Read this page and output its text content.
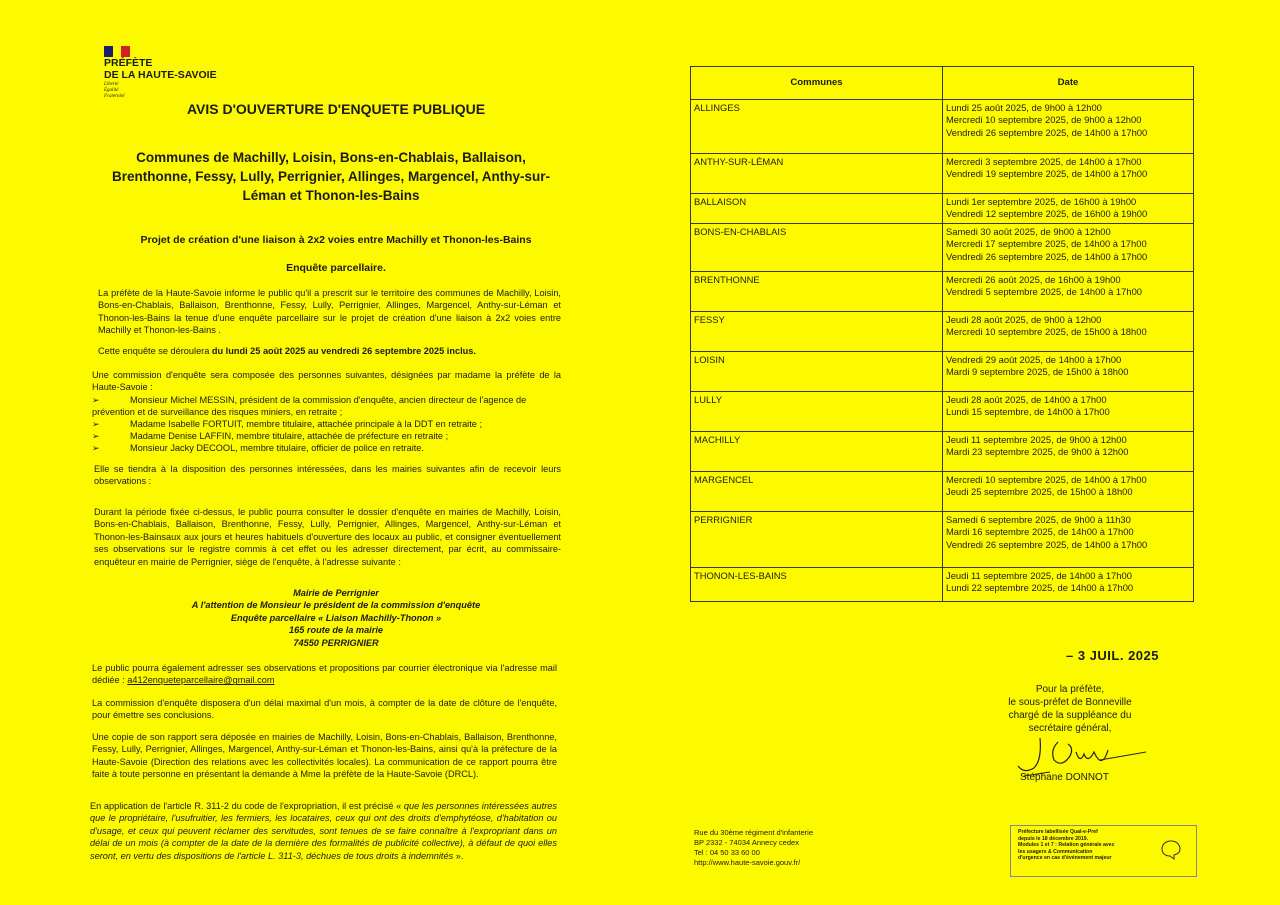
PRÉFÈTE
DE LA HAUTE-SAVOIE
Liberté
Égalité
Fraternité
AVIS D'OUVERTURE D'ENQUETE PUBLIQUE
Communes de Machilly, Loisin, Bons-en-Chablais, Ballaison, Brenthonne, Fessy, Lully, Perrignier, Allinges, Margencel, Anthy-sur-Léman et Thonon-les-Bains
Projet de création d'une liaison à 2x2 voies entre Machilly et Thonon-les-Bains
Enquête parcellaire.
La préfète de la Haute-Savoie informe le public qu'il a prescrit sur le territoire des communes de Machilly, Loisin, Bons-en-Chablais, Ballaison, Brenthonne, Fessy, Lully, Perrignier, Allinges, Margencel, Anthy-sur-Léman et Thonon-les-Bains la tenue d'une enquête parcellaire sur le projet de création d'une liaison à 2x2 voies entre Machilly et Thonon-les-Bains .
Cette enquête se déroulera du lundi 25 août 2025 au vendredi 26 septembre 2025 inclus.
Une commission d'enquête sera composée des personnes suivantes, désignées par madame la préfète de la Haute-Savoie :
➢	Monsieur Michel MESSIN, président de la commission d'enquête, ancien directeur de l'agence de prévention et de surveillance des risques miniers, en retraite ;
➢	Madame Isabelle FORTUIT, membre titulaire, attachée principale à la DDT en retraite ;
➢	Madame Denise LAFFIN, membre titulaire, attachée de préfecture en retraite ;
➢	Monsieur Jacky DECOOL, membre titulaire, officier de police en retraite.
Elle se tiendra à la disposition des personnes intéressées, dans les mairies suivantes afin de recevoir leurs observations :
Durant la période fixée ci-dessus, le public pourra consulter le dossier d'enquête en mairies de Machilly, Loisin, Bons-en-Chablais, Ballaison, Brenthonne, Fessy, Lully, Perrignier, Allinges, Margencel, Anthy-sur-Léman et Thonon-les-Bainsaux aux jours et heures habituels d'ouverture des locaux au public, et consigner éventuellement ses observations sur le registre commis à cet effet ou les adresser directement, par écrit, au commissaire-enquêteur en mairie de Perrignier, siège de l'enquête, à l'adresse suivante :
Mairie de Perrignier
A l'attention de Monsieur le président de la commission d'enquête
Enquête parcellaire « Liaison Machilly-Thonon »
165 route de la mairie
74550 PERRIGNIER
Le public pourra également adresser ses observations et propositions par courrier électronique via l'adresse mail dédiée : a412enqueteparcellaire@gmail.com
La commission d'enquête disposera d'un délai maximal d'un mois, à compter de la date de clôture de l'enquête, pour émettre ses conclusions.
Une copie de son rapport sera déposée en mairies de Machilly, Loisin, Bons-en-Chablais, Ballaison, Brenthonne, Fessy, Lully, Perrignier, Allinges, Margencel, Anthy-sur-Léman et Thonon-les-Bains, ainsi qu'à la préfecture de la Haute-Savoie (Direction des relations avec les collectivités locales). La communication de ce rapport pourra être faite à toute personne en présentant la demande à Mme la préfète de la Haute-Savoie (DRCL).
En application de l'article R. 311-2 du code de l'expropriation, il est précisé « que les personnes intéressées autres que le propriétaire, l'usufruitier, les fermiers, les locataires, ceux qui ont des droits d'emphytéose, d'habitation ou d'usage, et ceux qui peuvent réclamer des servitudes, sont tenues de se faire connaître à l'expropriant dans un délai de un mois (à compter de la date de la dernière des formalités de publicité collective), à défaut de quoi elles seront, en vertu des dispositions de l'article L. 311-3, déchues de tous droits à indemnités ».
Communes	Date
ALLINGES	Lundi 25 août 2025, de 9h00 à 12h00
Mercredi 10 septembre 2025, de 9h00 à 12h00
Vendredi 26 septembre 2025, de 14h00 à 17h00

ANTHY-SUR-LÉMAN	Mercredi 3 septembre 2025, de 14h00 à 17h00
Vendredi 19 septembre 2025, de 14h00 à 17h00

BALLAISON	Lundi 1er septembre 2025, de 16h00 à 19h00
Vendredi 12 septembre 2025, de 16h00 à 19h00

BONS-EN-CHABLAIS	Samedi 30 août 2025, de 9h00 à 12h00
Mercredi 17 septembre 2025, de 14h00 à 17h00
Vendredi 26 septembre 2025, de 14h00 à 17h00

BRENTHONNE	Mercredi 26 août 2025, de 16h00 à 19h00
Vendredi 5 septembre 2025, de 14h00 à 17h00

FESSY	Jeudi 28 août 2025, de 9h00 à 12h00
Mercredi 10 septembre 2025, de 15h00 à 18h00

LOISIN	Vendredi 29 août 2025, de 14h00 à 17h00
Mardi 9 septembre 2025, de 15h00 à 18h00

LULLY	Jeudi 28 août 2025, de 14h00 à 17h00
Lundi 15 septembre, de 14h00 à 17h00

MACHILLY	Jeudi 11 septembre 2025, de 9h00 à 12h00
Mardi 23 septembre 2025, de 9h00 à 12h00

MARGENCEL	Mercredi 10 septembre 2025, de 14h00 à 17h00
Jeudi 25 septembre 2025, de 15h00 à 18h00

PERRIGNIER	Samedi 6 septembre 2025, de 9h00 à 11h30
Mardi 16 septembre 2025, de 14h00 à 17h00
Vendredi 26 septembre 2025, de 14h00 à 17h00

THONON-LES-BAINS	Jeudi 11 septembre 2025, de 14h00 à 17h00
Lundi 22 septembre 2025, de 14h00 à 17h00
– 3 JUIL. 2025
Pour la préfète,
le sous-préfet de Bonneville
chargé de la suppléance du
secrétaire général,
Stéphane DONNOT
Rue du 30ème régiment d'infanterie
BP 2332 - 74034 Annecy cedex
Tel : 04 50 33 60 00
http://www.haute-savoie.gouv.fr/
Préfecture labellisée Qual-e-Pref
depuis le 18 décembre 2019.
Modules 1 et 7 : Relation générale avec
les usagers & Communication
d'urgence en cas d'événement majeur
